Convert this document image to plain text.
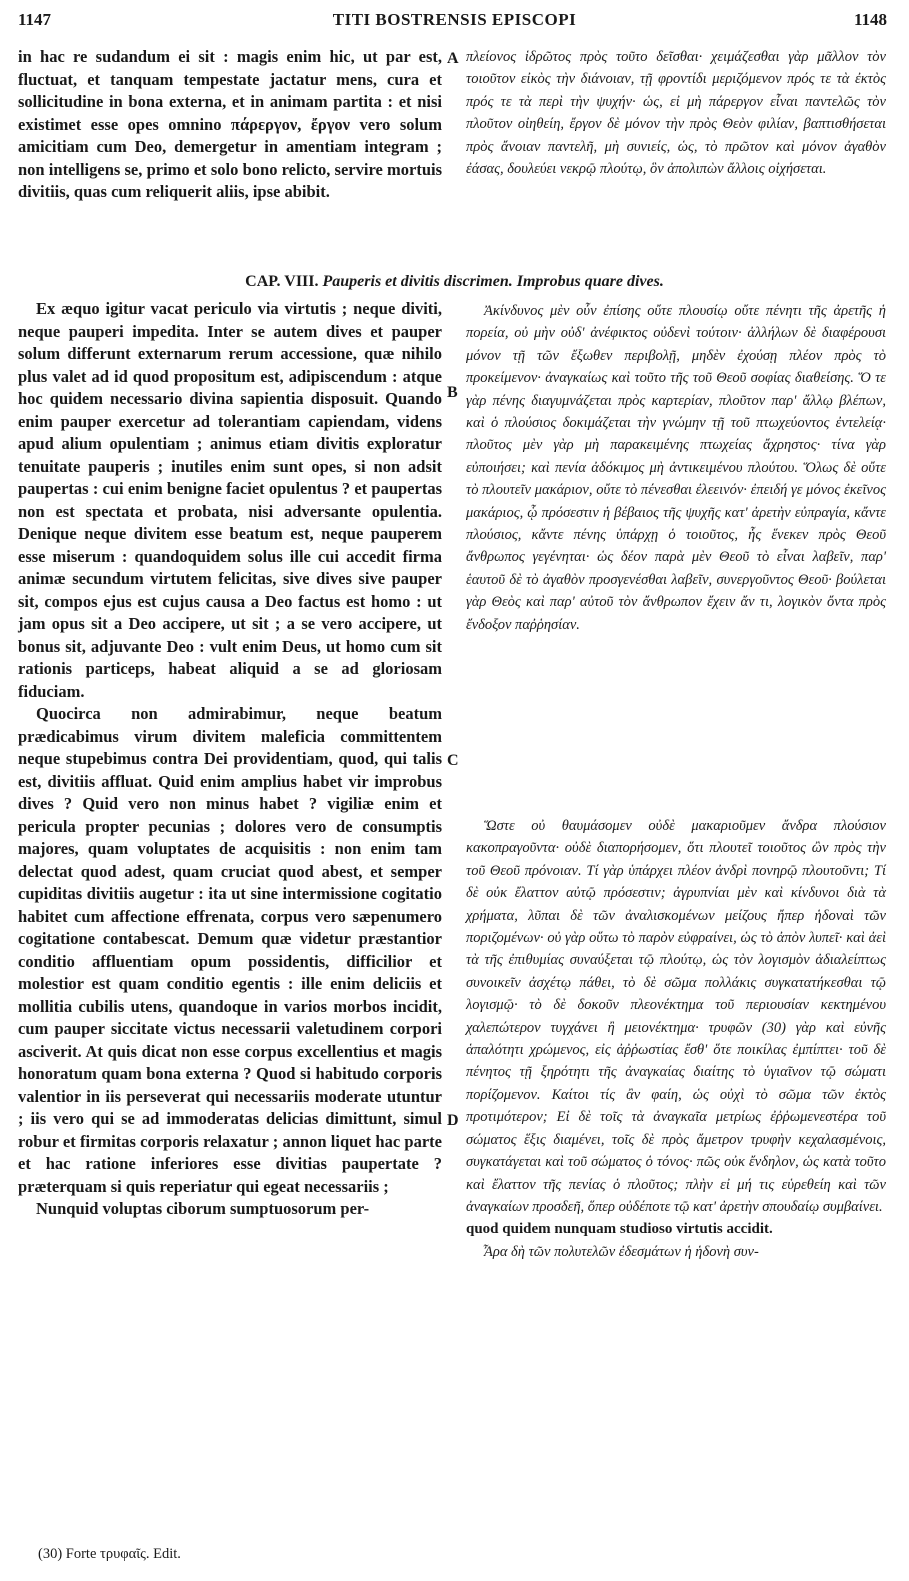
1147	TITI BOSTRENSIS EPISCOPI	1148

in hac re sudandum ei sit : magis enim hic, ut par est, fluctuat, et tanquam tempestate jactatur mens, cura et sollicitudine in bona externa, et in animam partita : et nisi existimet esse opes omnino πάρεργον, ἔργον vero solum amicitiam cum Deo, demergetur in amentiam integram ; non intelligens se, primo et solo bono relicto, servire mortuis divitiis, quas cum reliquerit aliis, ipse abibit.

πλείονος ἱδρῶτος πρὸς τοῦτο δεῖσθαι· χειμάζεσθαι γὰρ μᾶλλον τὸν τοιοῦτον εἰκὸς τὴν διάνοιαν, τῇ φροντίδι μεριζόμενον πρός τε τὰ ἐκτὸς πρός τε τὰ περὶ τὴν ψυχήν· ὡς, εἰ μὴ πάρεργον εἶναι παντελῶς τὸν πλοῦτον οἰηθείη, ἔργον δὲ μόνον τὴν πρὸς Θεὸν φιλίαν, βαπτισθήσεται πρὸς ἄνοιαν παντελῆ, μὴ συνιείς, ὡς, τὸ πρῶτον καὶ μόνον ἀγαθὸν ἐάσας, δουλεύει νεκρῷ πλούτῳ, ὃν ἀπολιπὼν ἄλλοις οἰχήσεται.

CAP. VIII. Pauperis et divitis discrimen. Improbus quare dives.

Ex æquo igitur vacat periculo via virtutis ; neque diviti, neque pauperi impedita. Inter se autem dives et pauper solum differunt externarum rerum accessione, quæ nihilo plus valet ad id quod propositum est, adipiscendum : atque hoc quidem necessario divina sapientia disposuit. Quando enim pauper exercetur ad tolerantiam capiendam, videns apud alium opulentiam ; animus etiam divitis exploratur tenuitate pauperis ; inutiles enim sunt opes, si non adsit paupertas : cui enim benigne faciet opulentus ? et paupertas non est spectata et probata, nisi adversante opulentia. Denique neque divitem esse beatum est, neque pauperem esse miserum : quandoquidem solus ille cui accedit firma animæ secundum virtutem felicitas, sive dives sive pauper sit, compos ejus est cujus causa a Deo factus est homo : ut jam opus sit a Deo accipere, ut sit ; a se vero accipere, ut bonus sit, adjuvante Deo : vult enim Deus, ut homo cum sit rationis particeps, habeat aliquid a se ad gloriosam fiduciam.

Quocirca non admirabimur, neque beatum prædicabimus virum divitem maleficia committentem neque stupebimus contra Dei providentiam, quod, qui talis est, divitiis affluat. Quid enim amplius habet vir improbus dives ? Quid vero non minus habet ? vigiliæ enim et pericula propter pecunias ; dolores vero de consumptis majores, quam voluptates de acquisitis : non enim tam delectat quod adest, quam cruciat quod abest, et semper cupiditas divitiis augetur : ita ut sine intermissione cogitatio habitet cum affectione effrenata, corpus vero sæpenumero cogitatione contabescat. Demum quæ videtur præstantior conditio affluentiam opum possidentis, difficilior et molestior est quam conditio egentis : ille enim deliciis et mollitia cubilis utens, quandoque in varios morbos incidit, cum pauper siccitate victus necessarii valetudinem corpori asciverit. At quis dicat non esse corpus excellentius et magis honoratum quam bona externa ? Quod si habitudo corporis valentior in iis perseverat qui necessariis moderate utuntur ; iis vero qui se ad immoderatas delicias dimittunt, simul robur et firmitas corporis relaxatur ; annon liquet hac parte et hac ratione inferiores esse divitias paupertate ? præterquam si quis reperiatur qui egeat necessariis ;

Nunquid voluptas ciborum sumptuosorum per-

Ἀκίνδυνος μὲν οὖν ἐπίσης οὔτε πλουσίῳ οὔτε πένητι τῆς ἀρετῆς ἡ πορεία, οὐ μὴν οὐδ' ἀνέφικτος οὐδενὶ τούτοιν· ἀλλήλων δὲ διαφέρουσι μόνον τῇ τῶν ἔξωθεν περιβολῇ, μηδὲν ἐχούσῃ πλέον πρὸς τὸ προκείμενον· ἀναγκαίως καὶ τοῦτο τῆς τοῦ Θεοῦ σοφίας διαθείσης. Ὅ τε γὰρ πένης διαγυμνάζεται πρὸς καρτερίαν, πλοῦτον παρ' ἄλλῳ βλέπων, καὶ ὁ πλούσιος δοκιμάζεται τὴν γνώμην τῇ τοῦ πτωχεύοντος ἐντελείᾳ· πλοῦτος μὲν γὰρ μὴ παρακειμένης πτωχείας ἄχρηστος· τίνα γὰρ εὐποιήσει; καὶ πενία ἀδόκιμος μὴ ἀντικειμένου πλούτου. Ὅλως δὲ οὔτε τὸ πλουτεῖν μακάριον, οὔτε τὸ πένεσθαι ἐλεεινόν· ἐπειδή γε μόνος ἐκεῖνος μακάριος, ᾧ πρόσεστιν ἡ βέβαιος τῆς ψυχῆς κατ' ἀρετὴν εὐπραγία, κἄντε πλούσιος, κἄντε πένης ὑπάρχῃ ὁ τοιοῦτος, ἧς ἕνεκεν πρὸς Θεοῦ ἄνθρωπος γεγένηται· ὡς δέον παρὰ μὲν Θεοῦ τὸ εἶναι λαβεῖν, παρ' ἑαυτοῦ δὲ τὸ ἀγαθὸν προσγενέσθαι λαβεῖν, συνεργοῦντος Θεοῦ· βούλεται γὰρ Θεὸς καὶ παρ' αὐτοῦ τὸν ἄνθρωπον ἔχειν ἄν τι, λογικὸν ὄντα πρὸς ἔνδοξον παῤῥησίαν.

Ὥστε οὐ θαυμάσομεν οὐδὲ μακαριοῦμεν ἄνδρα πλούσιον κακοπραγοῦντα· οὐδὲ διαπορήσομεν, ὅτι πλουτεῖ τοιοῦτος ὢν πρὸς τὴν τοῦ Θεοῦ πρόνοιαν. Τί γὰρ ὑπάρχει πλέον ἀνδρὶ πονηρῷ πλουτοῦντι; Τί δὲ οὐκ ἔλαττον αὐτῷ πρόσεστιν; ἀγρυπνίαι μὲν καὶ κίνδυνοι διὰ τὰ χρήματα, λῦπαι δὲ τῶν ἀναλισκομένων μείζους ἤπερ ἡδοναὶ τῶν ποριζομένων· οὐ γὰρ οὕτω τὸ παρὸν εὐφραίνει, ὡς τὸ ἀπὸν λυπεῖ· καὶ ἀεὶ τὰ τῆς ἐπιθυμίας συναύξεται τῷ πλούτῳ, ὡς τὸν λογισμὸν ἀδιαλείπτως συνοικεῖν ἀσχέτῳ πάθει, τὸ δὲ σῶμα πολλάκις συγκατατήκεσθαι τῷ λογισμῷ· τὸ δὲ δοκοῦν πλεονέκτημα τοῦ περιουσίαν κεκτημένου χαλεπώτερον τυγχάνει ἢ μειονέκτημα· τρυφῶν (30) γὰρ καὶ εὐνῆς ἁπαλότητι χρώμενος, εἰς ἀῤῥωστίας ἔσθ' ὅτε ποικίλας ἐμπίπτει· τοῦ δὲ πένητος τῇ ξηρότητι τῆς ἀναγκαίας διαίτης τὸ ὑγιαῖνον τῷ σώματι πορίζομενον. Καίτοι τίς ἂν φαίη, ὡς οὐχὶ τὸ σῶμα τῶν ἐκτὸς προτιμότερον; Εἰ δὲ τοῖς τὰ ἀναγκαῖα μετρίως ἐῤῥωμενεστέρα τοῦ σώματος ἕξις διαμένει, τοῖς δὲ πρὸς ἄμετρον τρυφὴν κεχαλασμένοις, συγκατάγεται καὶ τοῦ σώματος ὁ τόνος· πῶς οὐκ ἔνδηλον, ὡς κατὰ τοῦτο καὶ ἔλαττον τῆς πενίας ὁ πλοῦτος; πλὴν εἰ μή τις εὑρεθείη καὶ τῶν ἀναγκαίων προσδεῆ, ὅπερ οὐδέποτε τῷ κατ' ἀρετὴν σπουδαίῳ συμβαίνει.

quod quidem nunquam studioso virtutis accidit.

Ἆρα δὴ τῶν πολυτελῶν ἐδεσμάτων ἡ ἡδονὴ συν-

A
B
C
D
(30) Forte τρυφαῖς. Edit.
